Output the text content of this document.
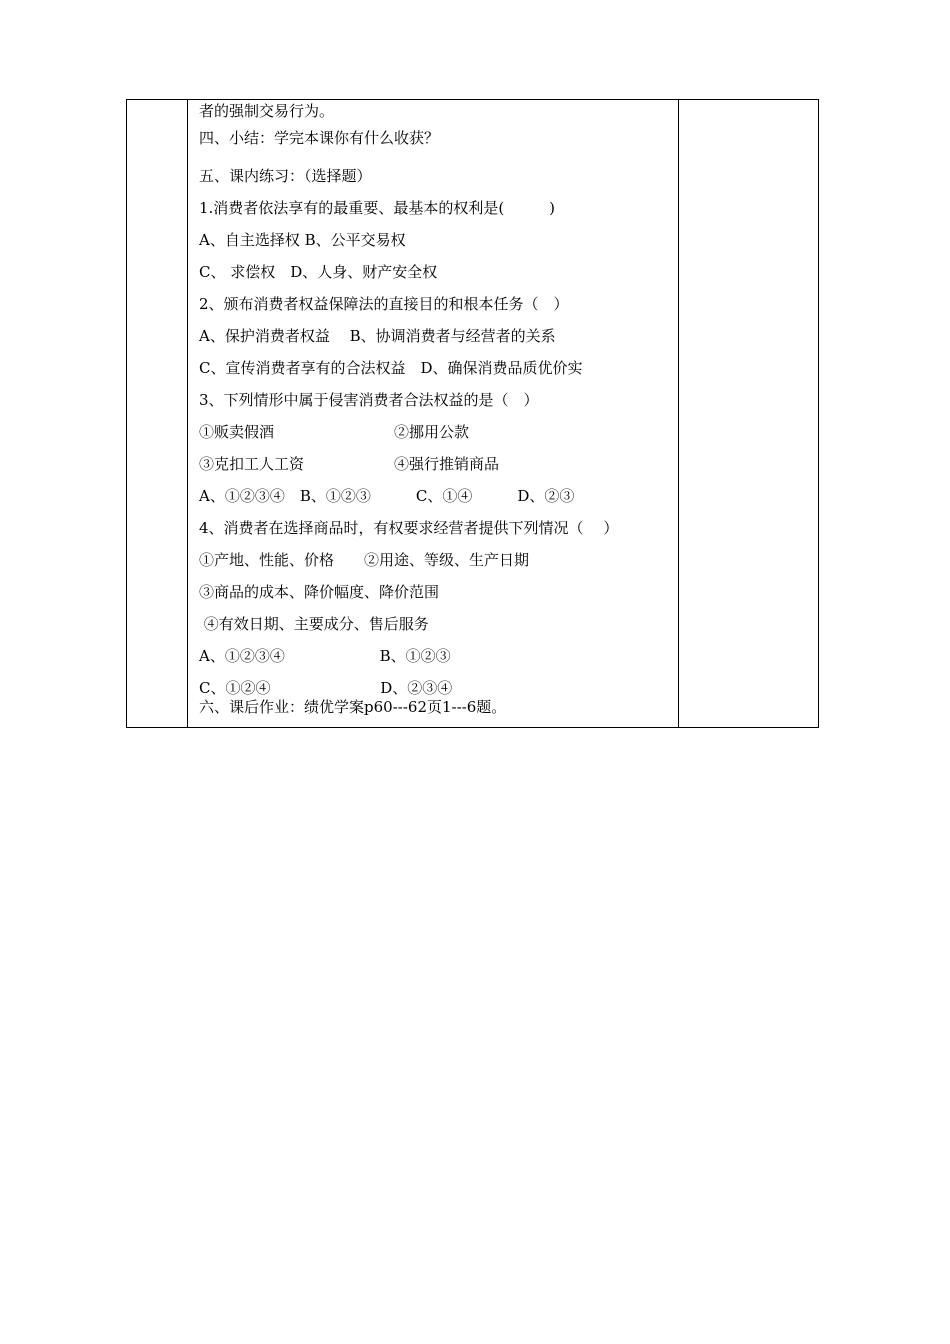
者的强制交易行为。
四、小结：学完本课你有什么收获？
五、课内练习：（选择题）
1.消费者依法享有的最重要、最基本的权利是(　　　)
A、自主选择权 B、公平交易权
C、 求偿权　D、人身、财产安全权
2、颁布消费者权益保障法的直接目的和根本任务（　）
A、保护消费者权益　 B、协调消费者与经营者的关系
C、宣传消费者享有的合法权益　D、确保消费品质优价实
3、下列情形中属于侵害消费者合法权益的是（　）
①贩卖假酒　　　　　　　　②挪用公款
③克扣工人工资　　　　　　④强行推销商品
A、①②③④　B、①②③　　　C、①④　　　D、②③
4、消费者在选择商品时，有权要求经营者提供下列情况（　 ）
①产地、性能、价格　　②用途、等级、生产日期
③商品的成本、降价幅度、降价范围
④有效日期、主要成分、售后服务
A、①②③④　　　　　　 B、①②③
C、①②④　　　　　　　 D、②③④
六、课后作业：绩优学案p60---62页1---6题。
